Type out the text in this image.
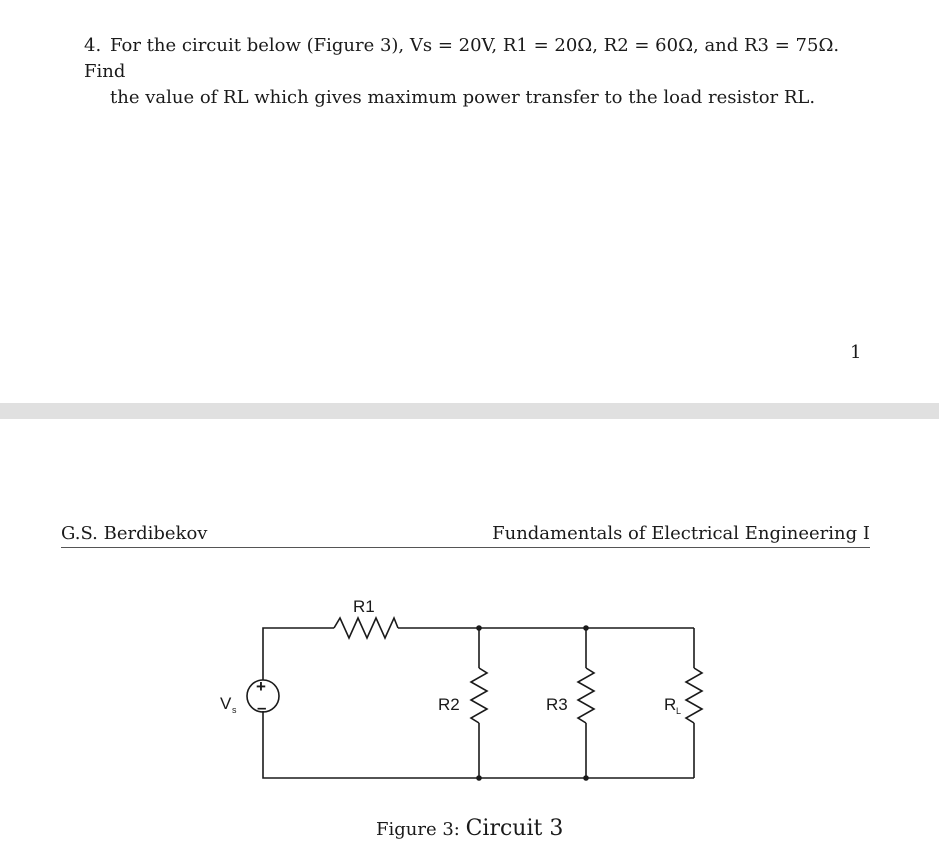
4. For the circuit below (Figure 3), Vs = 20V, R1 = 20Ω, R2 = 60Ω, and R3 = 75Ω. Find
the value of RL which gives maximum power transfer to the load resistor RL.
1
G.S. Berdibekov	Fundamentals of Electrical Engineering I
R1
R2	R3	R L
V s
+
–
Figure 3: Circuit 3
